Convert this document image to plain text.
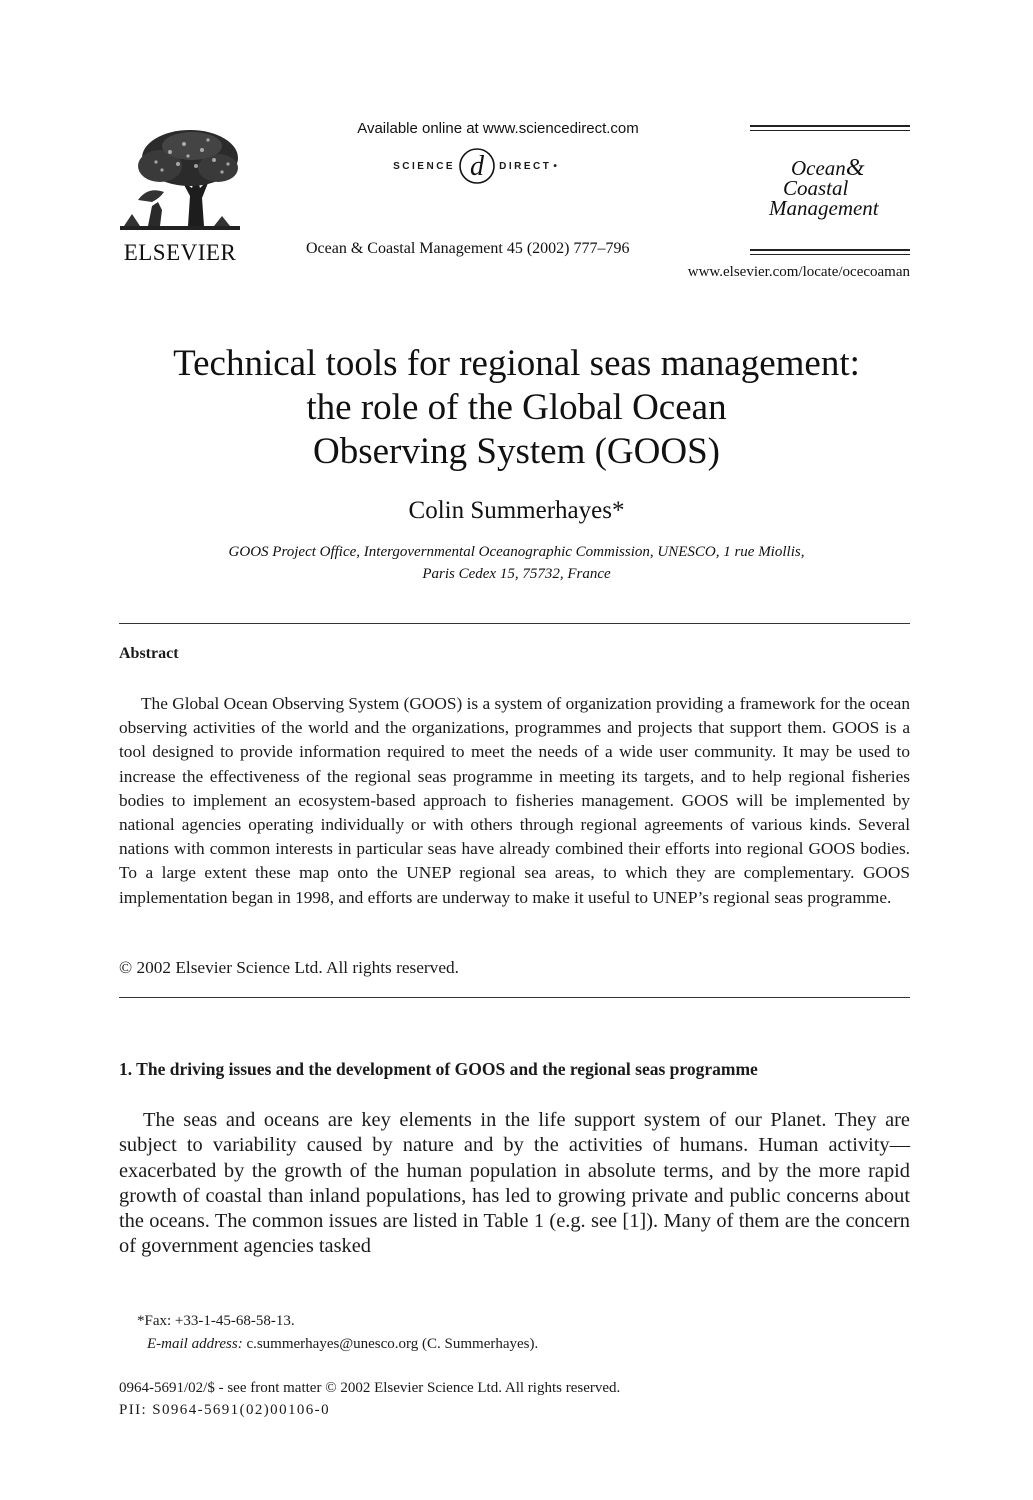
ELSEVIER
Available online at www.sciencedirect.com
SCIENCE d DIRECT •
Ocean & Coastal Management 45 (2002) 777–796
Ocean&
Coastal
Management
www.elsevier.com/locate/ocecoaman
Technical tools for regional seas management:
the role of the Global Ocean
Observing System (GOOS)
Colin Summerhayes*
GOOS Project Office, Intergovernmental Oceanographic Commission, UNESCO, 1 rue Miollis,
Paris Cedex 15, 75732, France
Abstract

The Global Ocean Observing System (GOOS) is a system of organization providing a framework for the ocean observing activities of the world and the organizations, programmes and projects that support them. GOOS is a tool designed to provide information required to meet the needs of a wide user community. It may be used to increase the effectiveness of the regional seas programme in meeting its targets, and to help regional fisheries bodies to implement an ecosystem-based approach to fisheries management. GOOS will be implemented by national agencies operating individually or with others through regional agreements of various kinds. Several nations with common interests in particular seas have already combined their efforts into regional GOOS bodies. To a large extent these map onto the UNEP regional sea areas, to which they are complementary. GOOS implementation began in 1998, and efforts are underway to make it useful to UNEP’s regional seas programme.

© 2002 Elsevier Science Ltd. All rights reserved.
1. The driving issues and the development of GOOS and the regional seas programme

The seas and oceans are key elements in the life support system of our Planet. They are subject to variability caused by nature and by the activities of humans. Human activity—exacerbated by the growth of the human population in absolute terms, and by the more rapid growth of coastal than inland populations, has led to growing private and public concerns about the oceans. The common issues are listed in Table 1 (e.g. see [1]). Many of them are the concern of government agencies tasked

*Fax: +33-1-45-68-58-13.
E-mail address: c.summerhayes@unesco.org (C. Summerhayes).
0964-5691/02/$ - see front matter © 2002 Elsevier Science Ltd. All rights reserved.
PII: S0964-5691(02)00106-0
